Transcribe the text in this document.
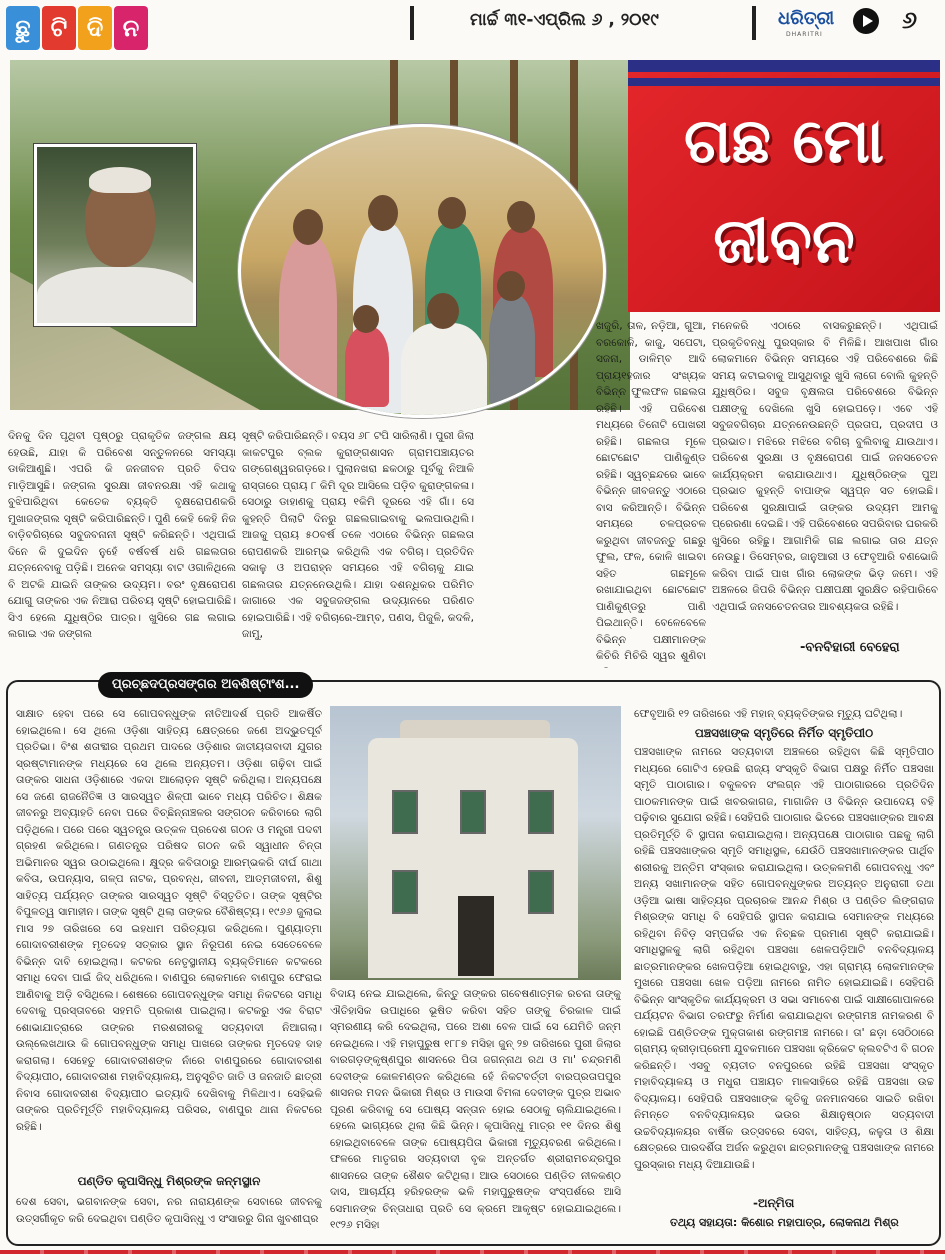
ଛୁ ଟି ଦି ନ	ମାର୍ଚ୍ଚ ୩୧-ଏପ୍ରିଲ ୬ , ୨୦୧୯	ଧରିତ୍ରୀ
DHARITRI
୬
ଗଛ ମୋ
ଜୀବନ
ଦିନକୁ ଦିନ ପୃଥିବୀ ପୃଷ୍ଠରୁ ପ୍ରାକୃତିକ ଜଙ୍ଗଲ କ୍ଷୟ ହେଉଛି, ଯାହା କି ପରିବେଶ ସନ୍ତୁଳନରେ ସମସ୍ୟା ଡାକିଆଣୁଛି। ଏପରି କି ଜନଜୀବନ ପ୍ରତି ବିପଦ ମାଡ଼ିଆସୁଛି। ଜଙ୍ଗଲ ସୁରକ୍ଷା ଜୀବନରକ୍ଷା ଏହି କଥାକୁ ବୁଝିପାରିଥିବା କେତେକ ବ୍ୟକ୍ତି ବୃକ୍ଷରୋପଣକରି ମୁଖାଜଙ୍ଗଲ ସୃଷ୍ଟି କରିପାରିଛନ୍ତି। ପୁଣି କେହି କେହି ନିଜ ବାଡ଼ିବଗିଚାରେ ସବୁଜବନାନୀ ସୃଷ୍ଟି କରିଛନ୍ତି। ଏଥିପାଇଁ ଦିନେ କି ଦୁଇଦିନ ନୁହେଁ ବର୍ଷବର୍ଷ ଧରି ଗଛଲତାର ଯତ୍ନନେବାକୁ ପଡ଼ିଛି। ଅନେକ ସମସ୍ୟା ବାଟ ଓଗାଳିଥିଲେ ବି ଅଟକି ଯାଇନି ତାଙ୍କର ଉଦ୍ୟମ। ବରଂ ବୃକ୍ଷରୋପଣ ଯୋଗୁ ତାଙ୍କର ଏକ ନିଆରା ପରିଚୟ ସୃଷ୍ଟି ହୋଇପାରିଛି। ସିଏ ହେଲେ ଯୁଧିଷ୍ଠିର ପାତ୍ର। ଖୁସିରେ ଗଛ ଲଗାଇ ଲଗାଇ ଏକ ଜଙ୍ଗଲ
ସୃଷ୍ଟି କରିପାରିଛନ୍ତି। ବୟସ ୬୮ ଟପି ସାରିଲାଣି। ପୁରୀ ଜିଲା କାକଟପୁର ବ୍ଲକ କୁରାଙ୍ଗଶାସନ ଗ୍ରାମପଞ୍ଚାୟତର ଗଙ୍ଗେଶ୍ୱରଗଡ଼ରେ। ପୁଲାନଖରା ଛକଠାରୁ ପୂର୍ବକୁ ନିଆଳି ରାସ୍ତାରେ ପ୍ରାୟ ୮ କିମି ଦୂର ଆସିଲେ ପଡ଼ିବ କୁରାଙ୍ଗକଳା। ସେଠାରୁ ଡାହାଣକୁ ପ୍ରାୟ ୧କିମି ଦୂରରେ ଏହି ଗାଁ। ସେ କୁହନ୍ତି ପିଲାଟି ଦିନରୁ ଗଛଲଗାଇବାକୁ ଭଲପାଉଥିଲି। ଆଜକୁ ପ୍ରାୟ ୫୦ବର୍ଷ ତଳେ ଏଠାରେ ବିଭିନ୍ନ ଗଛଲତା ରୋପଣକରି ଆରମ୍ଭ କରିଥିଲି ଏକ ବଗିଚା। ପ୍ରତିଦିନ ସକାଳୁ ଓ ଅପରାହ୍ନ ସମୟରେ ଏହି ବଗିଚାକୁ ଯାଇ ଗଛଲତାର ଯତ୍ନନେଉଥିଲି। ଯାହା ଦଶନ୍ଧିକର ପରିମିତ ଜାଗାରେ ଏକ ସବୁଜଜଙ୍ଗଲ ଉଦ୍ୟାନରେ ପରିଣତ ହୋଇପାରିଛି। ଏହି ବଗିଚାରେ-ଆମ୍ବ, ପଣସ, ପିଜୁଳି, କଦଳି, ଜାମୁ,
ଖଜୁରି, ତାଳ, ନଡ଼ିଆ, ଗୁଆ, ବରକୋଳି, କାଜୁ, ସପେଟା, ସଜନା, ଡାଳିମ୍ବ ଆଦି ପ୍ରାୟ୧ହଜାର ସଂଖ୍ୟକ ବିଭିନ୍ନ ଫୁଲଫଳ ଗଛଲତା ରହିଛି। ଏହି ପରିବେଶ ମଧ୍ୟରେ ତିନୋଟି ପୋଖରୀ ରହିଛି। ଗଛଲତା ମୂଳେ ଛୋଟଛୋଟ ପାଣିକୁଣ୍ଡ ରହିଛି। ସ୍ୱଚ୍ଛନ୍ଦରେ ଭାବେ ବିଭିନ୍ନ ଜୀବଜନ୍ତୁ ଏଠାରେ ବାସ କରିଆନ୍ତି। ବିଭିନ୍ନ ସମୟରେ ଚଳପ୍ରଚଳ କରୁଥିବା ଜୀବଜନ୍ତୁ ଗଛରୁ ଫୁଲ, ଫଳ, କୋଳି ଖାଇବା ସହିତ ଗଛମୂଳେ ରଖାଯାଇଥିବା ଛୋଟଛୋଟ ପାଣିକୁଣ୍ଡରୁ ପାଣି ପିଇଥାନ୍ତି। ବେଳେବେଳେ ବିଭିନ୍ନ ପକ୍ଷୀମାନଙ୍କ କିଚିରି ମିଚିରି ସ୍ୱର ଶୁଣିବା
ମନେକରି ଏଠାରେ ବାସକରୁଛନ୍ତି। ଏଥିପାଇଁ ପ୍ରକୃତିବନ୍ଧୁ ପୁରସ୍କାର ବି ମିଳିଛି। ଆଖପାଖ ଗାଁର ଲୋକମାନେ ବିଭିନ୍ନ ସମୟରେ ଏହି ପରିବେଶରେ କିଛି ସମୟ କଟାଇବାକୁ ଆସୁଥିବାରୁ ଖୁସି ଲାଗେ ବୋଲି କୁହନ୍ତି ଯୁଧିଷ୍ଠିର। ସବୁଜ ବୃକ୍ଷଲତା ପରିବେଶରେ ବିଭିନ୍ନ ପକ୍ଷୀଙ୍କୁ ଦେଖିଲେ ଖୁସି ହୋଇପଡ଼େ। ଏବେ ଏହି ସବୁଜବଗିଚାର ଯତ୍ନନେଉଛନ୍ତି ପ୍ରତାପ, ପ୍ରଦୀପ ଓ ପ୍ରଭାତ। ମଝିରେ ମଝିରେ ବଗିଚା ବୁଲିବାକୁ ଯାଉଥାଏ। ପରିବେଶ ସୁରକ୍ଷା ଓ ବୃକ୍ଷରୋପଣ ପାଇଁ ଜନସଚେତନ କାର୍ଯ୍ୟକ୍ରମ କରାଯାଉଥାଏ। ଯୁଧିଷ୍ଠିରଙ୍କ ପୁଅ ପ୍ରଭାତ କୁହନ୍ତି ବାପାଙ୍କ ସ୍ୱପ୍ନ ସତ ହୋଇଛି। ପରିବେଶ ସୁରକ୍ଷାପାଇଁ ତାଙ୍କର ଉଦ୍ୟମ ଆମକୁ ପ୍ରେରଣା ଦେଇଛି। ଏହି ପରିବେଶରେ ସପରିବାର ଘରକରି ଖୁସିରେ ରହିଛୁ। ଆଗାମିକି ଗଛ ଲଗାଇ ତାର ଯତ୍ନ ନେଉଛୁ। ଡିସେମ୍ବର, ଜାନୁଆରୀ ଓ ଫେବୃଆରି ବଣଭୋଜି କରିବା ପାଇଁ ପାଖ ଗାଁର ଲୋକଙ୍କ ଭିଡ଼ ଜମେ। ଏହି ଅଞ୍ଚଳରେ ଜିପରି ବିଭିନ୍ନ ପକ୍ଷୀପକ୍ଷୀ ସୁରକ୍ଷିତ ରହିପାରିବେ ଏଥିପାଇଁ ଜନସଚେତନତାର ଆବଶ୍ୟକତା ରହିଛି।
-ବନବିହାରୀ ବେହେରା
ପ୍ରଚ୍ଛଦପ୍ରସଙ୍ଗର ଅବଶିଷ୍ଟାଂଶ...
ସାକ୍ଷାତ ହେବା ପରେ ସେ ଗୋପବନ୍ଧୁଙ୍କ ନୀତିଆଦର୍ଶ ପ୍ରତି ଆକର୍ଷିତ ହୋଇଥିଲେ। ସେ ଥିଲେ ଓଡ଼ିଶା ସାହିତ୍ୟ କ୍ଷେତ୍ରରେ ଜଣେ ଅଦ୍ଭୁତପୂର୍ବ ପ୍ରତିଭା। ବିଂଶ ଶତାବ୍ଦୀର ପ୍ରଥମ ପାଦରେ ଓଡ଼ିଶାର ଜାତୀୟତାବାଦୀ ଯୁଗର ସ୍ରଷ୍ଟାମାନଙ୍କ ମଧ୍ୟରେ ସେ ଥିଲେ ଅନ୍ୟତମ। ଓଡ଼ିଶା ଗଢ଼ିବା ପାଇଁ ତାଙ୍କର ସାଧନା ଓଡ଼ିଶାରେ ଏକଦା ଆଲୋଡ଼ନ ସୃଷ୍ଟି କରିଥିଲା। ଅନ୍ୟପକ୍ଷେ ସେ ଜଣେ ରାଜନୈତିଜ୍ଞ ଓ ସାରସ୍ୱତ ଶିଳ୍ପୀ ଭାବେ ମଧ୍ୟ ପରିଚିତ। ଶିକ୍ଷକ ଜୀବନରୁ ଅବ୍ୟାହତି ନେବା ପରେ ବିଚ୍ଛିନ୍ନାଞ୍ଚଳର ସଙ୍ଗଠନ କରିବାରେ ଲାଗି ପଡ଼ିଥିଲେ। ପରେ ପରେ ସ୍ୱତନ୍ତ୍ର ଉତ୍କଳ ପ୍ରଦେଶ ଗଠନ ଓ ମନ୍ତ୍ରୀ ପଦବୀ ଗ୍ରହଣ କରିଥିଲେ। ଗଣତନ୍ତ୍ର ପରିଷଦ ଗଠନ କରି ସ୍ୱାଧୀନ ଚିନ୍ତା ଅଭିମାନର ସ୍ୱର ଉଠାଇଥିଲେ। କ୍ଷୁଦ୍ର କବିତାଠାରୁ ଆରମ୍ଭକରି ଦୀର୍ଘ ଗାଥା କବିତା, ଉପନ୍ୟାସ, ଗଳ୍ପ ନାଟକ, ପ୍ରବନ୍ଧ, ଜୀବନୀ, ଆତ୍ମଜୀବନୀ, ଶିଶୁ ସାହିତ୍ୟ ପର୍ଯ୍ୟନ୍ତ ତାଙ୍କର ସାରସ୍ୱତ ସୃଷ୍ଟି ବିସ୍ତୃତିତ। ତାଙ୍କ ସୃଷ୍ଟିର ବିପୁଳତ୍ୱ ସାମାହୀନ। ତାଙ୍କ ସୃଷ୍ଟି ଥିଲା ତାଙ୍କର ବୈଶିଷ୍ଟ୍ୟ। ୧୯୬୬ ଜୁଲାଇ ମାସ ୨୭ ତାରିଖରେ ସେ ଇହଧାମ ପରିତ୍ୟାଗ କରିଥିଲେ। ପୁଣ୍ୟାତ୍ମା ଗୋଦାବରୀଶଙ୍କ ମୃତଦେହ ସତ୍କାର ସ୍ଥାନ ନିରୂପଣ ନେଇ ସେତେବେଳେ ବିଭିନ୍ନ ଦାବି ହୋଇଥିଲା। କଟକର ନେତୃସ୍ଥାନୀୟ ବ୍ୟକ୍ତିମାନେ କଟକରେ ସମାଧି ଦେବା ପାଇଁ ଜିଦ୍ ଧରିଥିଲେ। ବାଣପୁର ଲୋକମାନେ ବାଣପୁର ଫେରାଇ ଆଣିବାକୁ ଅଡ଼ି ବସିଥିଲେ। ଶେଷରେ ଗୋପବନ୍ଧୁଙ୍କ ସମାଧି ନିକଟରେ ସମାଧି ଦେବାକୁ ପ୍ରସ୍ତାବରେ ସହମତି ପ୍ରକାଶ ପାଇଥିଲା। କଟକରୁ ଏକ ବିରାଟ ଶୋଭାଯାତ୍ରାରେ ତାଙ୍କର ମରଶରୀରକୁ ସତ୍ୟବାଦୀ ନିଆଗଲା। ଉଲ୍ଲେଖଥାଉ କି ଗୋପବନ୍ଧୁଙ୍କ ସମାଧି ପାଖରେ ତାଙ୍କର ମୃତଦେହ ଦାହ କରାଗଲା। ସେହେତୁ ଗୋଦାବରୀଶଙ୍କ ନାଁରେ ବାଣପୁରରେ ଗୋଦାବରୀଶ ବିଦ୍ୟାପୀଠ, ଗୋଦାବରୀଶ ମହାବିଦ୍ୟାଳୟ, ଅନୁସୂଚିତ ଜାତି ଓ ଜନଜାତି ଛାତ୍ରୀ ନିବାସ ଗୋଦାବରୀଶ ବିଦ୍ୟାପୀଠ ଇତ୍ୟାଦି ଦେଖିବାକୁ ମିଳିଥାଏ। ସେହିଭଳି ତାଙ୍କର ପ୍ରତିମୂର୍ତ୍ତି ମହାବିଦ୍ୟାଳୟ ପରିସର, ବାଣପୁର ଥାନା ନିକଟରେ ରହିଛି।
ପଣ୍ଡିତ କୃପାସିନ୍ଧୁ ମିଶ୍ରଙ୍କ ଜନ୍ମସ୍ଥାନ
ଦେଶ ସେବା, ଭଗବାନଙ୍କ ସେବା, ନର ନାରାୟଣଙ୍କ ସେବାରେ ଜୀବନକୁ ଉତ୍ସର୍ଗୀକୃତ କରି ଦେଇଥିବା ପଣ୍ଡିତ କୃପାସିନ୍ଧୁ ଏ ସଂସାରରୁ ଗିନା ଖୁବଶୀଘ୍ର
ବିଦାୟ ନେଇ ଯାଇଥିଲେ, କିନ୍ତୁ ତାଙ୍କର ଗବେଷଣାତ୍ମକ ରଚନା ତାଙ୍କୁ ଐତିହାସିକ ଉପାଧିରେ ଭୂଷିତ କରିବା ସହିତ ତାଙ୍କୁ ଚିରକାଳ ପାଇଁ ସ୍ମରଣୀୟ କରି ଦେଇଥିଲା, ପରେ ଅଶା ବେଳ ପାଇଁ ସେ ଯେମିତି ଜନ୍ମ ନେଇଥିଲେ। ଏହି ମହାପୁରୁଷ ୧୮୮୭ ମସିହା ଜୁନ୍ ୨୭ ତାରିଖରେ ପୁରୀ ଜିଲାର ବାରଗଡ଼ଙ୍କୃଷ୍ଣପୁର ଶାସନରେ ପିତା ଜଗନ୍ନାଥ ରଥ ଓ ମା' ଚନ୍ଦ୍ରମଣି ଦେବୀଙ୍କ କୋଳମଣ୍ଡନ କରିଥିଲେ ହେଁ ନିକଟବର୍ତ୍ତୀ ବାରପ୍ରତାପପୁର ଶାସନର ମଦନ ଭିକାରୀ ମିଶ୍ର ଓ ମାଉସୀ ବିମଳା ଦେବୀଙ୍କ ପୁତ୍ର ଅଭାବ ପୂରଣ କରିବାକୁ ସେ ପୋଷ୍ୟ ସନ୍ତାନ ହୋଇ ସେଠାକୁ ଚାଲିଯାଇଥିଲେ। ହେଲେ ଭାଗ୍ୟରେ ଥିଲା କିଛି ଭିନ୍ନ। କୃପାସିନ୍ଧୁ ମାତ୍ର ୧୧ ଦିନର ଶିଶୁ ହୋଇଥିବାବେଳେ ତାଙ୍କ ପୋଷ୍ୟପିତା ଭିକାରୀ ମୃତ୍ୟୁବରଣ କରିଥିଲେ। ଫଳରେ ମାତୃଗର ସତ୍ୟବାଦୀ ବୃକ ଅନ୍ତର୍ଗତ ଶ୍ରୀରାମଚନ୍ଦ୍ରପୁର ଶାସନରେ ତାଙ୍କ ଶୈଶବ କଟିଥିଲା। ଆଉ ସେଠାରେ ପଣ୍ଡିତ ନୀଳକଣ୍ଠ ଦାସ, ଆଚାର୍ଯ୍ୟ ହରିହରଙ୍କ ଭଳି ମହାପୁରୁଷଙ୍କ ସଂସ୍ପର୍ଶରେ ଆସି ସେମାନଙ୍କ ଚିନ୍ତାଧାରା ପ୍ରତି ସେ କ୍ରମେ ଆକୃଷ୍ଟ ହୋଇଯାଇଥିଲେ। ୧୯୨୬ ମସିହା
ଫେବୃଆରି ୧୨ ତାରିଖରେ ଏହି ମହାନ୍ ବ୍ୟକ୍ତିଙ୍କର ମୃତ୍ୟୁ ଘଟିଥିଲା।
ପଞ୍ଚସଖାଙ୍କ ସ୍ମୃତିରେ ନିର୍ମିତ ସ୍ମୃତିପୀଠ
ପଞ୍ଚସଖାଙ୍କ ନାମରେ ସତ୍ୟବାଦୀ ଅଞ୍ଚଳରେ ରହିଥିବା କିଛି ସ୍ମୃତିପୀଠ ମଧ୍ୟରେ ଗୋଟିଏ ହେଉଛି ରାଜ୍ୟ ସଂସ୍କୃତି ବିଭାଗ ପକ୍ଷରୁ ନିର୍ମିତ ପଞ୍ଚସଖା ସ୍ମୃତି ପାଠାଗାର। ବକୁଳବନ ସଂଲଗ୍ନ ଏହି ପାଠାଗାରରେ ପ୍ରତିଦିନ ପାଠକମାନଙ୍କ ପାଇଁ ଖବରକାଗଜ, ମାଗାଜିନ ଓ ବିଭିନ୍ନ ଉପାଦେୟ ବହି ପଢ଼ିବାର ସୁଯୋଗ ରହିଛି। ସେହିପରି ପାଠାଗାର ଭିତରେ ପଞ୍ଚସଖାଙ୍କର ଆବକ୍ଷ ପ୍ରତିମୂର୍ତ୍ତି ବି ସ୍ଥାପନା କରାଯାଇଥିଲା। ଅନ୍ୟପକ୍ଷେ ପାଠାଗାର ପଛକୁ ଲାଗି ରହିଛି ପଞ୍ଚସଖାଙ୍କର ସ୍ମୃତି ସମାଧିସ୍ଥଳ, ଯେଉଁଠି ପଞ୍ଚସଖାମାନଙ୍କର ପାର୍ଥିବ ଶରୀରକୁ ଅନ୍ତିମ ସଂସ୍କାର କରାଯାଇଥିଲା। ଉତ୍କଳମଣି ଗୋପବନ୍ଧୁ ଏବଂ ଅନ୍ୟ ସଖାମାନଙ୍କ ସହିତ ଗୋପବନ୍ଧୁଙ୍କର ଅତ୍ୟନ୍ତ ଅନୁରାଗୀ ତଥା ଓଡ଼ିଆ ଭାଷା ସାହିତ୍ୟର ପ୍ରଚାରକ ଆନନ୍ଦ ମିଶ୍ର ଓ ପଣ୍ଡିତ ଲିଙ୍ଗରାଜ ମିଶ୍ରଙ୍କ ସମାଧି ବି ସେହିପରି ସ୍ଥାପନ କରାଯାଇ ସେମାନଙ୍କ ମଧ୍ୟରେ ରହିଥିବା ନିବିଡ଼ ସମ୍ପର୍କର ଏକ ନିଚ୍ଛକ ପ୍ରମାଣ ସୃଷ୍ଟି କରାଯାଇଛି। ସମାଧିସ୍ଥଳକୁ ଲାଗି ରହିଥିବା ପଞ୍ଚସଖା ଖେଳପଡ଼ିଆଟି ବନବିଦ୍ୟାଳୟ ଛାତ୍ରମାନଙ୍କର ଖେଳପଡ଼ିଆ ହୋଇଥିବାରୁ, ଏହା ଗ୍ରାମ୍ୟ ଲୋକମାନଙ୍କ ମୁଖରେ ପଞ୍ଚସଖା ଖେଳ ପଡ଼ିଆ ନାମରେ ନାମିତ ହୋଇଯାଇଛି। ସେହିପରି ବିଭିନ୍ନ ସାଂସ୍କୃତିକ କାର୍ଯ୍ୟକ୍ରମ ଓ ସଭା ସମାବେଶ ପାଇଁ ସାକ୍ଷୀଗୋପାଳରେ ପର୍ଯ୍ୟଟନ ବିଭାଗ ତରଫରୁ ନିର୍ମାଣ କରାଯାଇଥିବା ରଙ୍ଗମଞ୍ଚ ନାମକରଣ ବି ହୋଇଛି ପଣ୍ଡିତଙ୍କ ମୁକ୍ତାକାଶ ରଙ୍ଗମଞ୍ଚ ନାମରେ। ତା' ଛଡ଼ା ସେଠିଠାରେ ଗ୍ରାମ୍ୟ କ୍ରୀଡ଼ାପ୍ରେମୀ ଯୁବକମାନେ ପଞ୍ଚସଖା କ୍ରିକେଟ କ୍ଲବଟିଏ ବି ଗଠନ କରିଛନ୍ତି। ଏସବୁ ବ୍ୟତୀତ ବନପୁରରେ ରହିଛି ପଞ୍ଚସଖା ସଂସ୍କୃତ ମହାବିଦ୍ୟାଳୟ ଓ ମଧୁରା ପଞ୍ଚାୟତ ମାଳସାହିରେ ରହିଛି ପଞ୍ଚସଖା ଉଚ୍ଚ ବିଦ୍ୟାଳୟ। ସେହିପରି ପଞ୍ଚସଖାଙ୍କ କୃତିକୁ ଜନମାନସରେ ସାଇତି ରଖିବା ନିମନ୍ତେ ବନବିଦ୍ୟାଳୟର ଭଉର ଶିକ୍ଷାନୁଷ୍ଠାନ ସତ୍ୟବାଦୀ ଉଚ୍ଚବିଦ୍ୟାଳୟର ବାର୍ଷିକ ଉତ୍ସବରେ ସେବା, ସାହିତ୍ୟ, କଳୁତା ଓ ଶିକ୍ଷା କ୍ଷେତ୍ରରେ ପାରଦର୍ଶିତା ଅର୍ଜନ କରୁଥିବା ଛାତ୍ରମାନଙ୍କୁ ପଞ୍ଚସଖାଙ୍କ ନାମରେ ପୁରସ୍କାର ମଧ୍ୟ ଦିଆଯାଉଛି।
-ଅନ୍ମିତା
ତଥ୍ୟ ସହାୟତା: କିଶୋର ମହାପାତ୍ର, ଲୋକନାଥ ମିଶ୍ର
